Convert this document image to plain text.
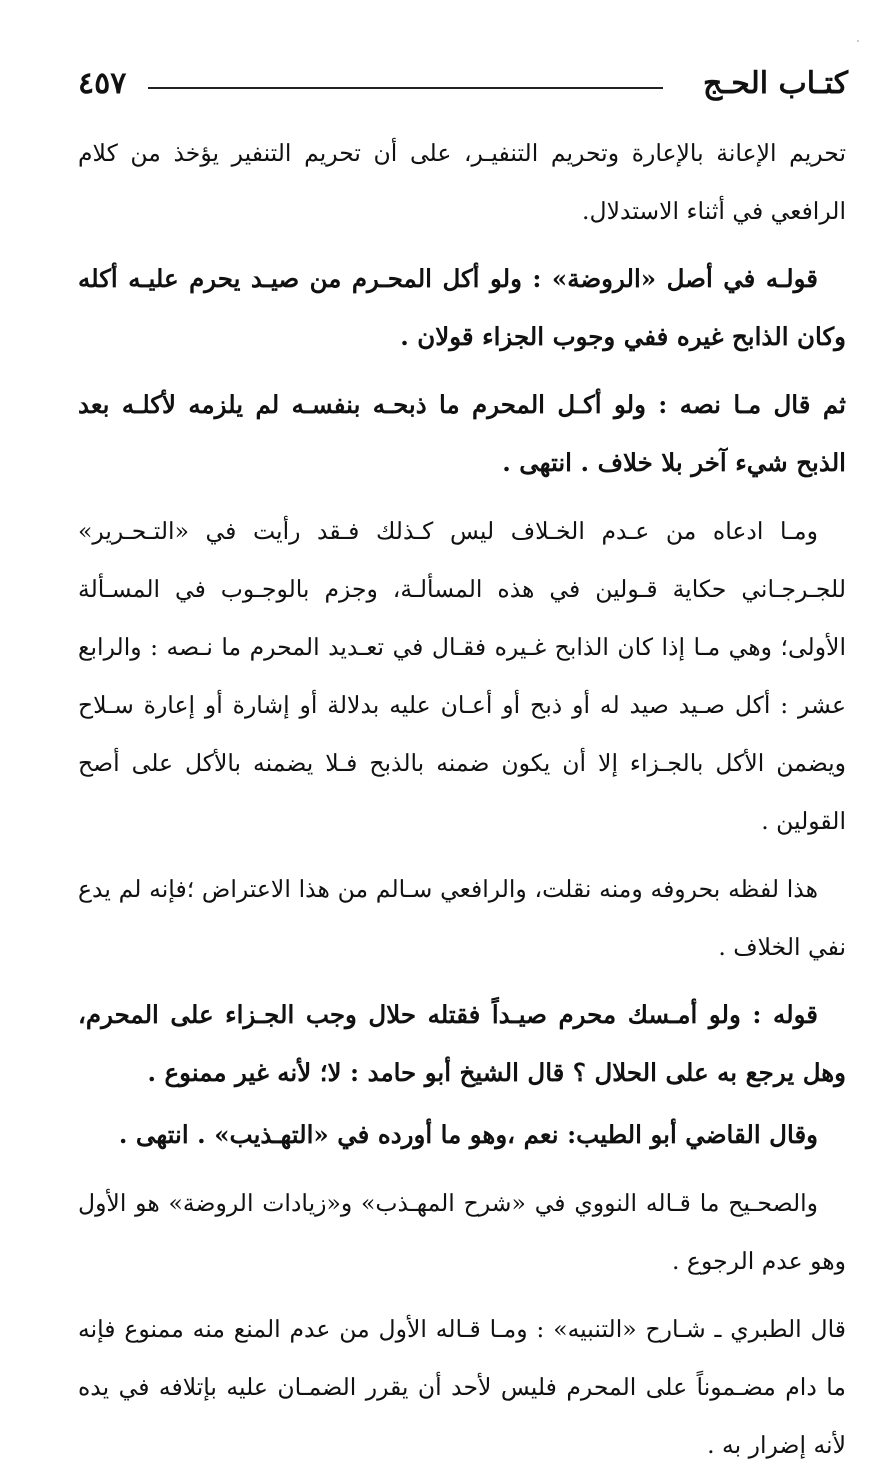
كتـاب الحـج
٤٥٧

تحريم الإعانة بالإعارة وتحريم التنفيـر، على أن تحريم التنفير يؤخذ من كلام الرافعي في أثناء الاستدلال.

قولـه في أصل «الروضة» : ولو أكل المحـرم من صيـد يحرم عليـه أكله وكان الذابح غيره ففي وجوب الجزاء قولان .

ثم قال مـا نصه : ولو أكـل المحرم ما ذبحـه بنفسـه لم يلزمه لأكلـه بعد الذبح شيء آخر بلا خلاف . انتهى .

ومـا ادعاه من عـدم الخـلاف ليس كـذلك فـقد رأيت في «التـحـرير» للجـرجـاني حكاية قـولين في هذه المسألـة، وجزم بالوجـوب في المسـألة الأولى؛ وهي مـا إذا كان الذابح غـيره فقـال في تعـديد المحرم ما نـصه : والرابع عشر : أكل صـيد صيد له أو ذبح أو أعـان عليه بدلالة أو إشارة أو إعارة سـلاح ويضمن الأكل بالجـزاء إلا أن يكون ضمنه بالذبح فـلا يضمنه بالأكل على أصح القولين .

هذا لفظه بحروفه ومنه نقلت، والرافعي سـالم من هذا الاعتراض ؛فإنه لم يدع نفي الخلاف .

قوله : ولو أمـسك محرم صيـداً فقتله حلال وجب الجـزاء على المحرم، وهل يرجع به على الحلال ؟ قال الشيخ أبو حامد : لا؛ لأنه غير ممنوع .

وقال القاضي أبو الطيب: نعم ،وهو ما أورده في «التهـذيب» . انتهى .

والصحـيح ما قـاله النووي في «شرح المهـذب» و«زيادات الروضة» هو الأول وهو عدم الرجوع .

قال الطبري ـ شـارح «التنبيه» : ومـا قـاله الأول من عدم المنع منه ممنوع فإنه ما دام مضـموناً على المحرم فليس لأحد أن يقرر الضمـان عليه بإتلافه في يده لأنه إضرار به .
